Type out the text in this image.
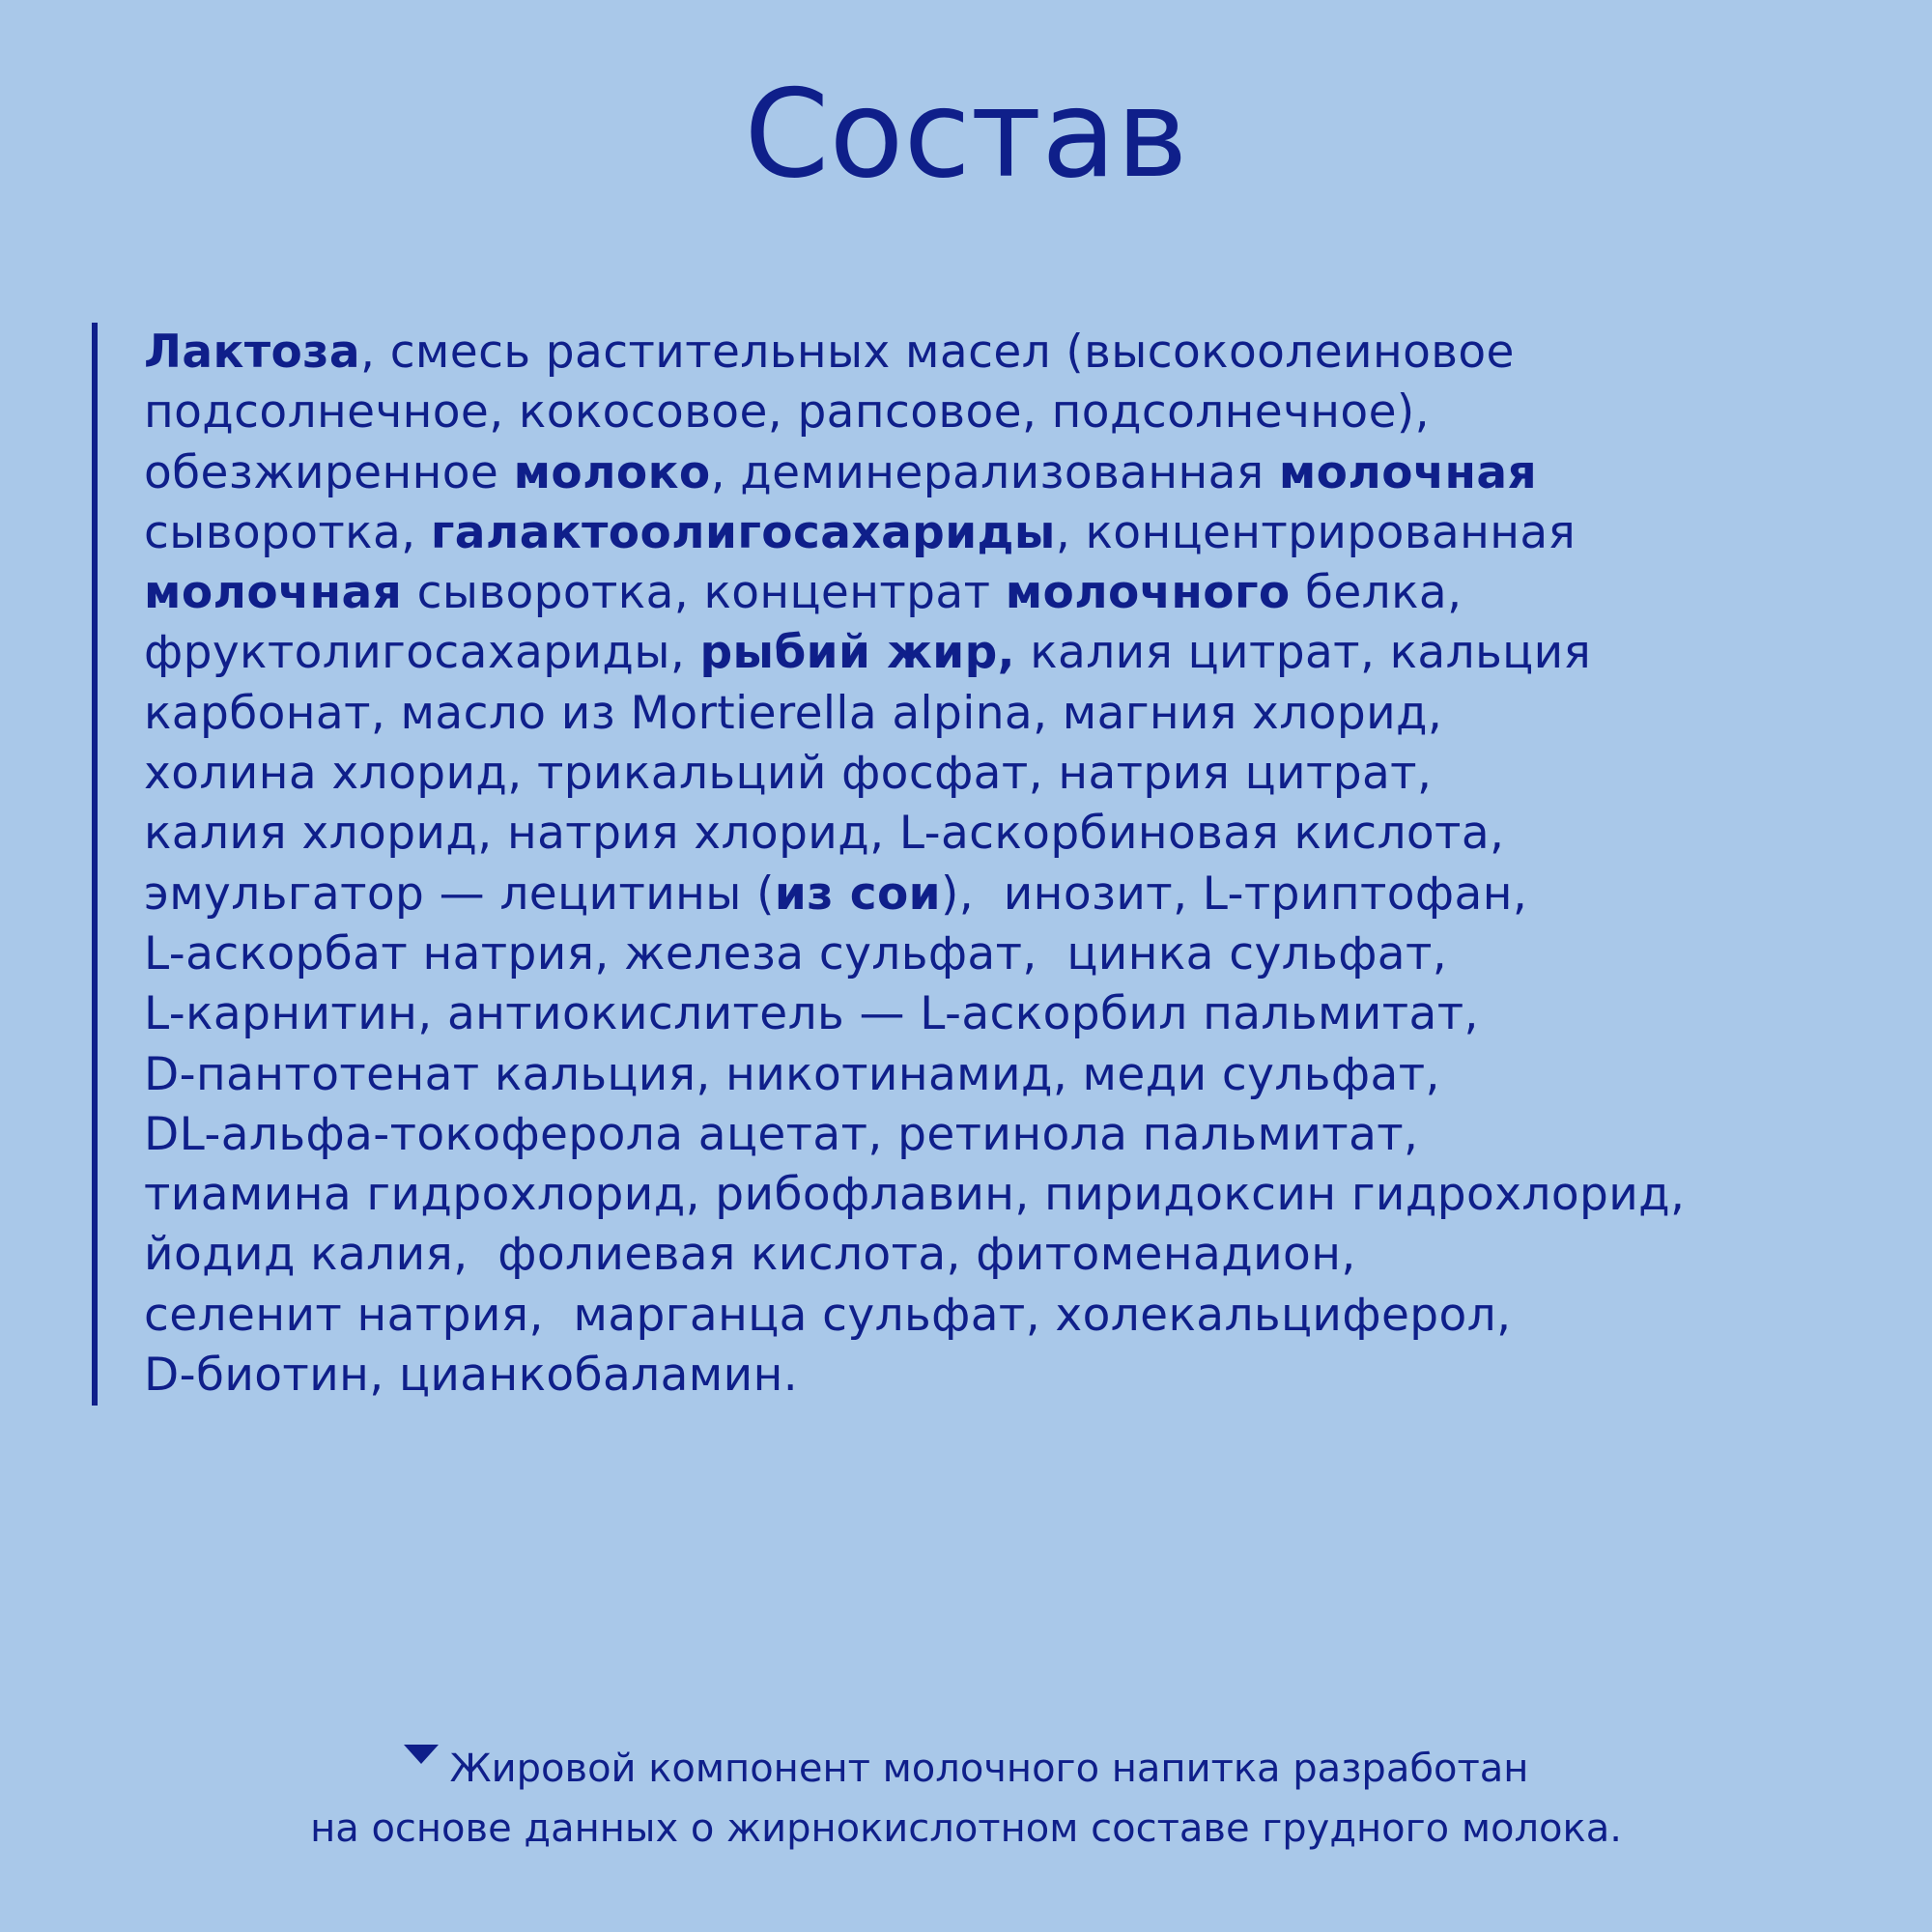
Состав
Лактоза, смесь растительных масел (высокоолеиновое
подсолнечное, кокосовое, рапсовое, подсолнечное),
обезжиренное молоко, деминерализованная молочная
сыворотка, галактоолигосахариды, концентрированная
молочная сыворотка, концентрат молочного белка,
фруктолигосахариды, рыбий жир, калия цитрат, кальция
карбонат, масло из Mortierella alpina, магния хлорид,
холина хлорид, трикальций фосфат, натрия цитрат,
калия хлорид, натрия хлорид, L-аскорбиновая кислота,
эмульгатор — лецитины (из сои),  инозит, L-триптофан,
L-аскорбат натрия, железа сульфат,  цинка сульфат,
L-карнитин, антиокислитель — L-аскорбил пальмитат,
D-пантотенат кальция, никотинамид, меди сульфат,
DL-альфа-токоферола ацетат, ретинола пальмитат,
тиамина гидрохлорид, рибофлавин, пиридоксин гидрохлорид,
йодид калия,  фолиевая кислота, фитоменадион,
селенит натрия,  марганца сульфат, холекальциферол,
D-биотин, цианкобаламин.
Жировой компонент молочного напитка разработан
на основе данных о жирнокислотном составе грудного молока.
